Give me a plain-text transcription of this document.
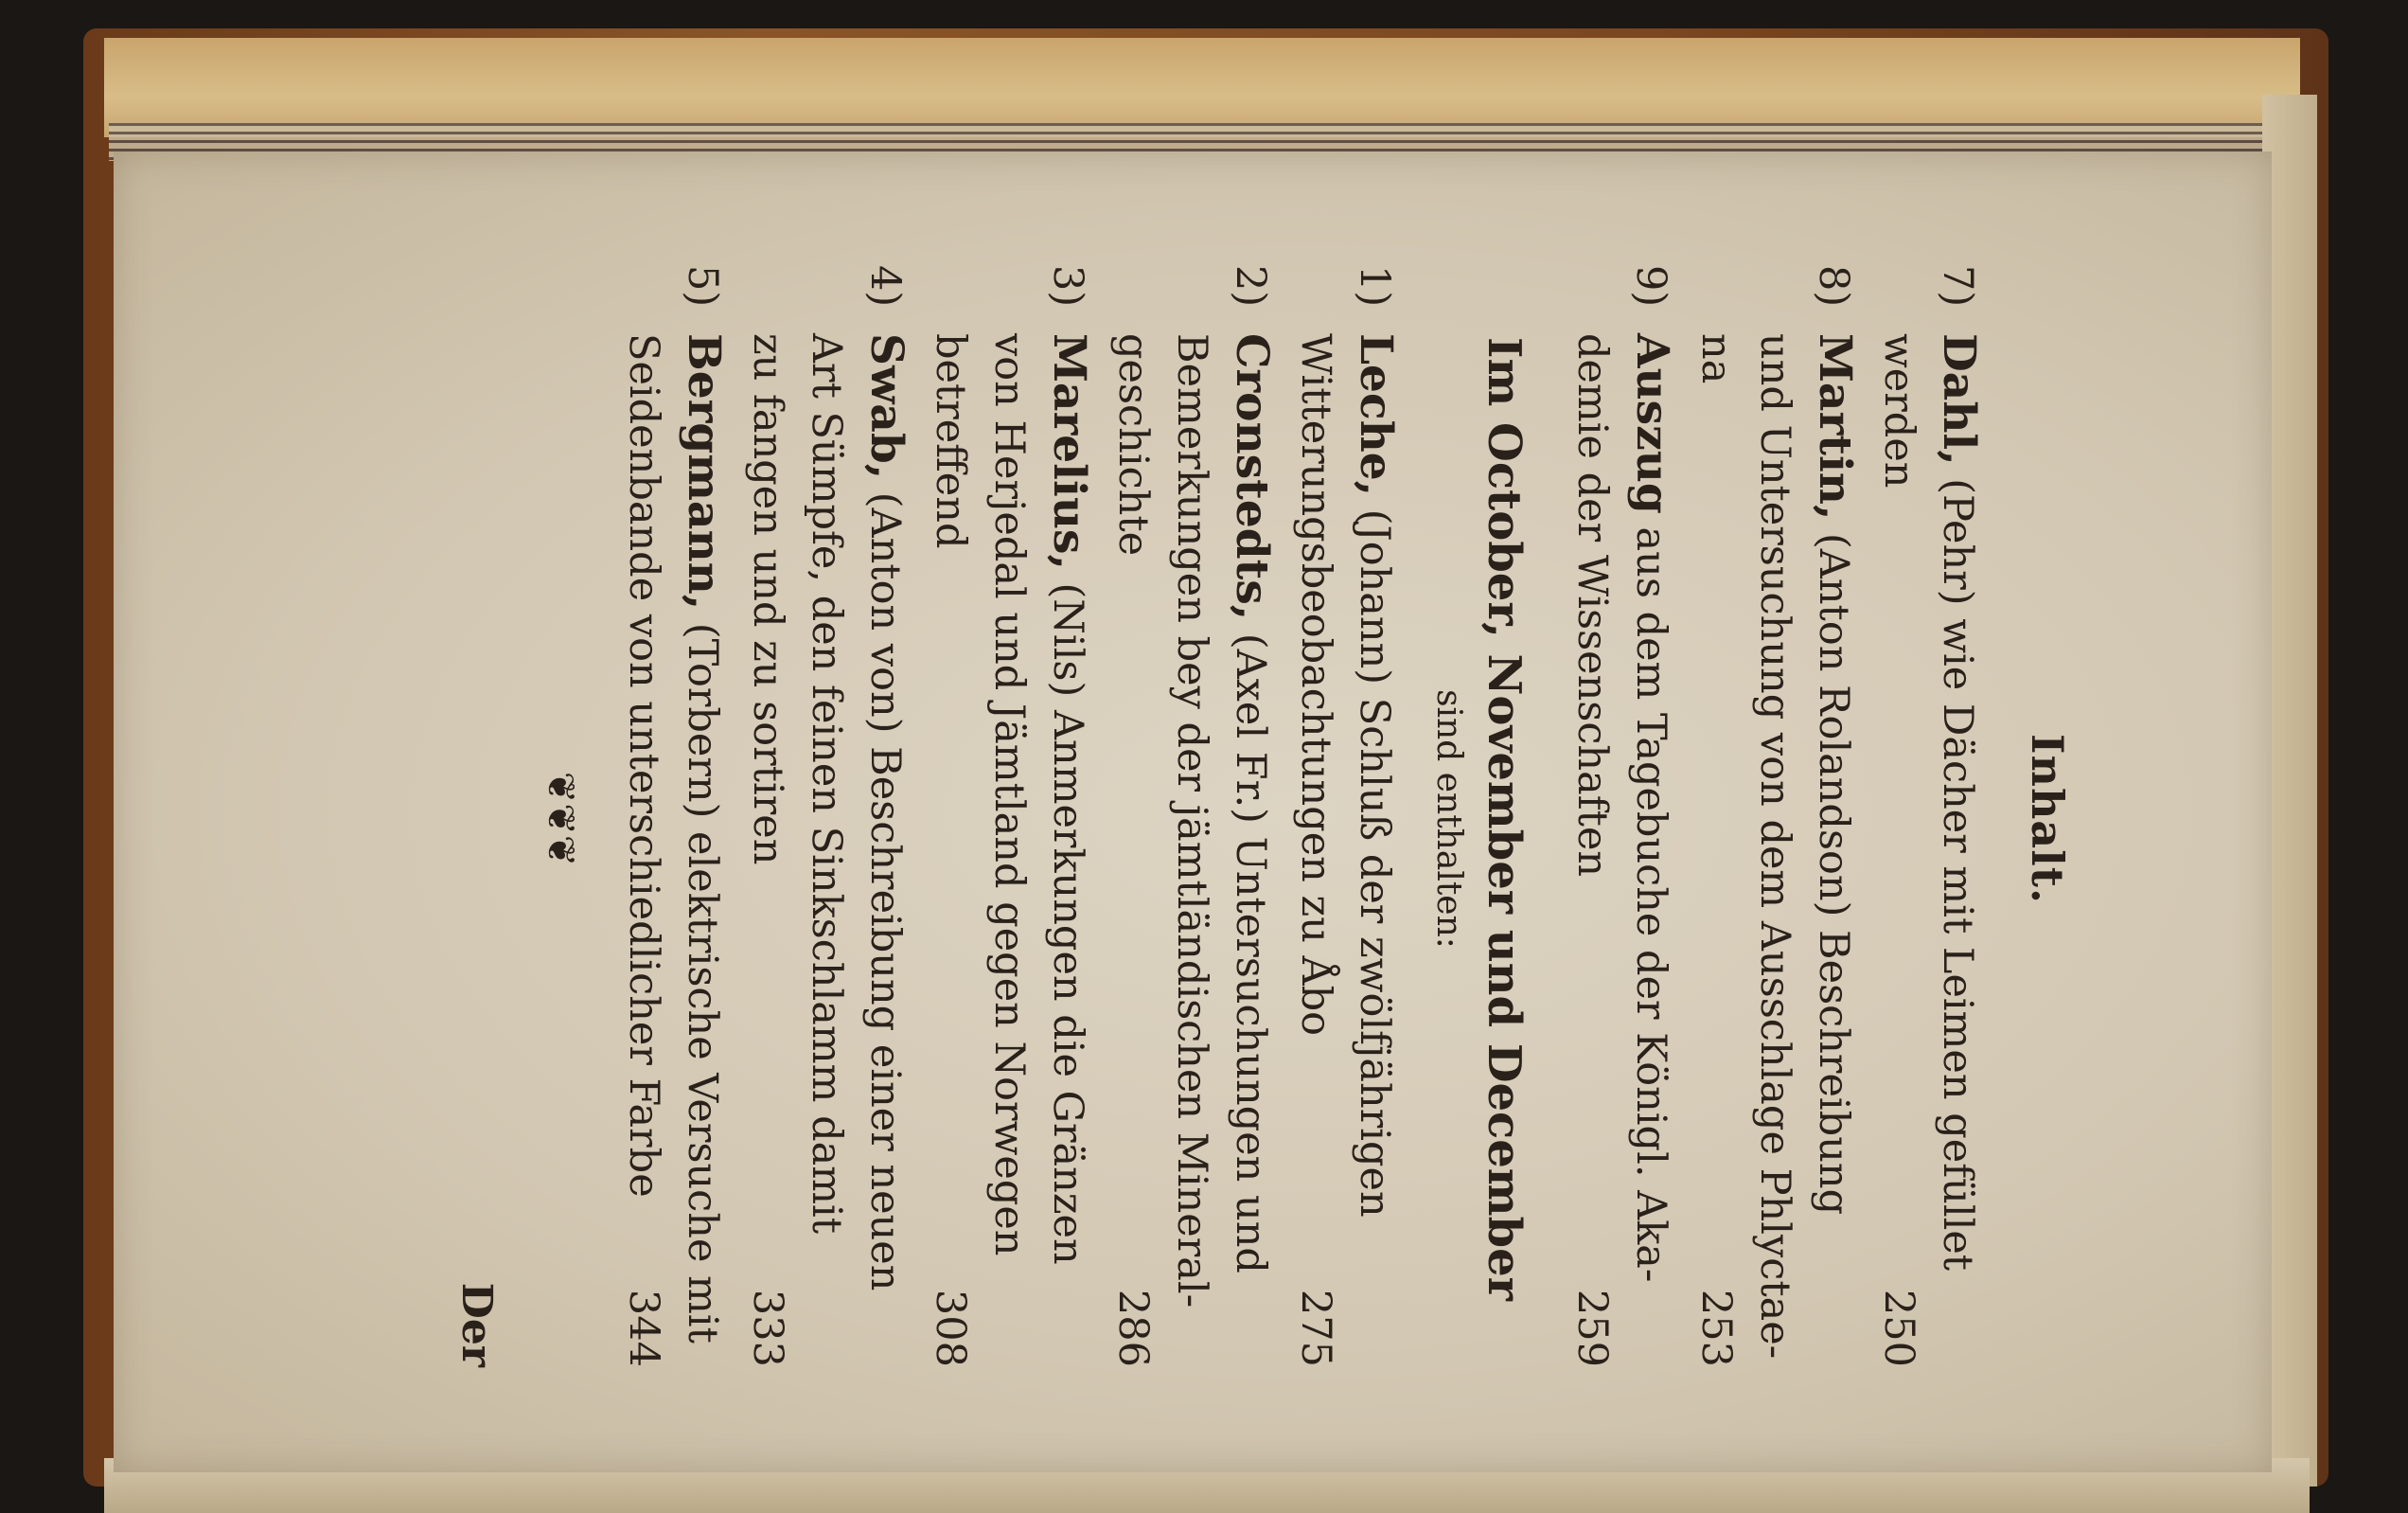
Inhalt.
7)
Dahl, (Pehr) wie Dächer mit Leimen gefüllet
werden
250
8)
Martin, (Anton Rolandson) Beschreibung
und Untersuchung von dem Ausschlage Phlyctae-
na
253
9)
Auszug aus dem Tagebuche der Königl. Aka-
demie der Wissenschaften
259
Im October, November und December
sind enthalten:
1)
Leche, (Johann) Schluß der zwölfjährigen
Witterungsbeobachtungen zu Åbo
275
2)
Cronstedts, (Axel Fr.) Untersuchungen und
Bemerkungen bey der jämtländischen Mineral-
geschichte
286
3)
Marelius, (Nils) Anmerkungen die Gränzen
von Herjedal und Jämtland gegen Norwegen
betreffend
308
4)
Swab, (Anton von) Beschreibung einer neuen
Art Sümpfe, den feinen Sinkschlamm damit
zu fangen und zu sortiren
333
5)
Bergmann, (Torbern) elektrische Versuche mit
Seidenbande von unterschiedlicher Farbe
344
❦❦❦
Der
